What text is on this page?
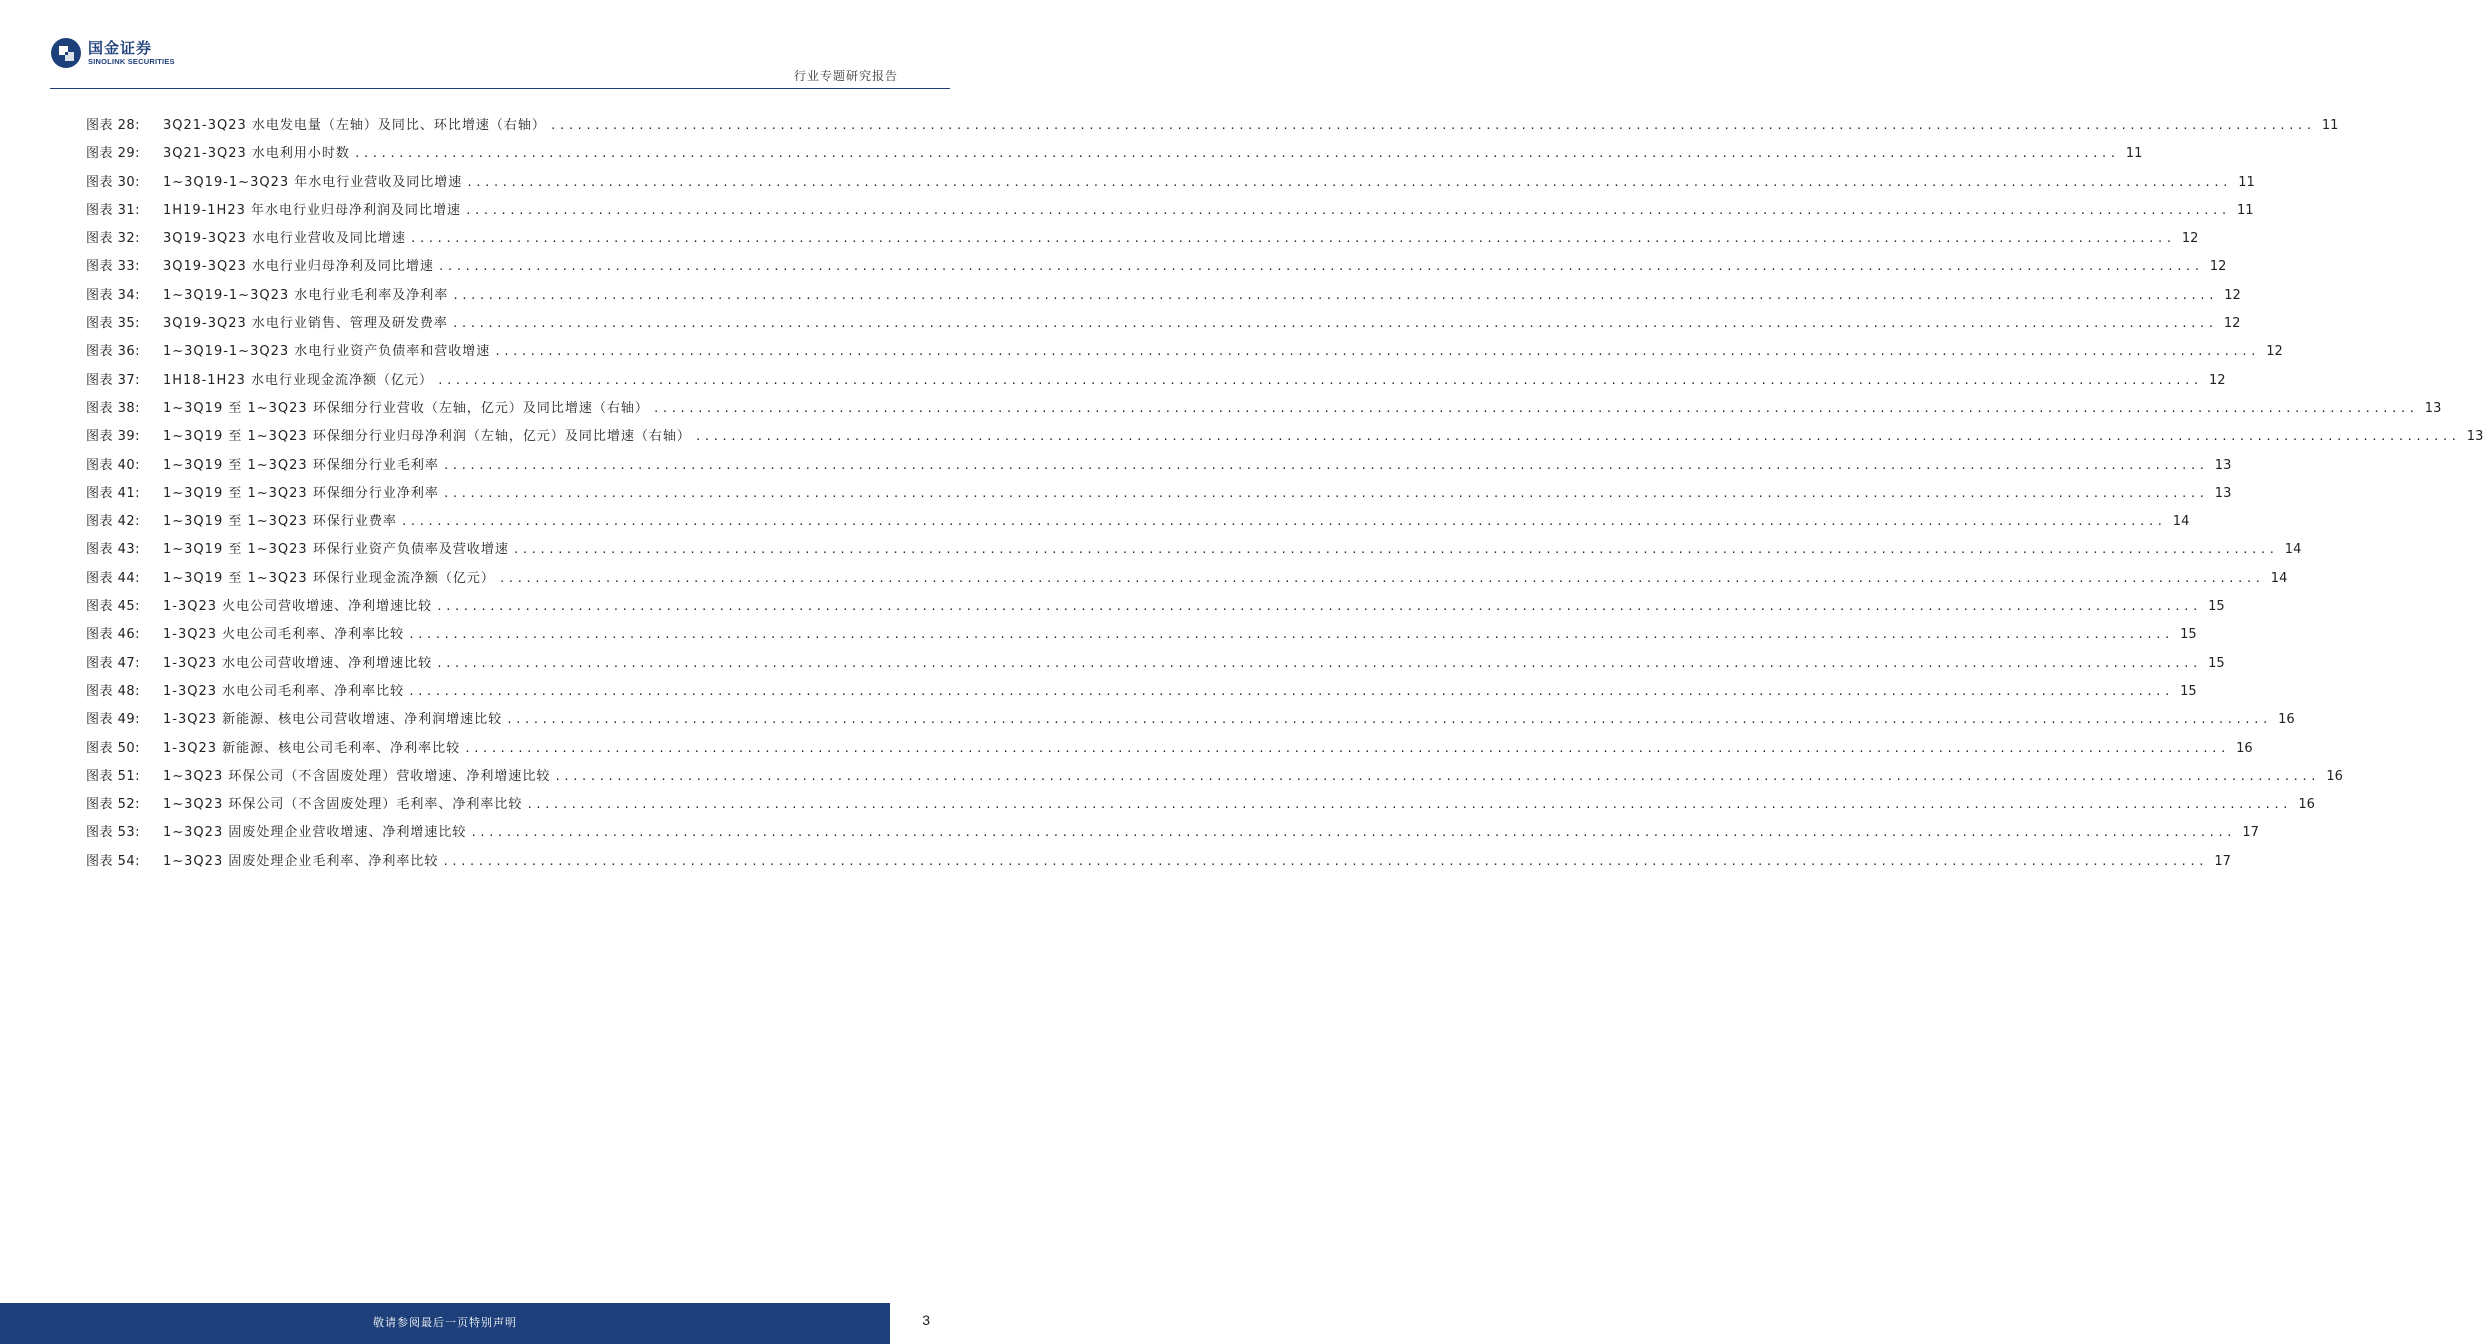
国金证券
SINOLINK SECURITIES
行业专题研究报告
图表 28:	3Q21-3Q23 水电发电量（左轴）及同比、环比增速（右轴） ........................................................................................................................................................................................................ 11
图表 29:	3Q21-3Q23 水电利用小时数 ........................................................................................................................................................................................................ 11
图表 30:	1~3Q19-1~3Q23 年水电行业营收及同比增速 ........................................................................................................................................................................................................ 11
图表 31:	1H19-1H23 年水电行业归母净利润及同比增速 ........................................................................................................................................................................................................ 11
图表 32:	3Q19-3Q23 水电行业营收及同比增速 ........................................................................................................................................................................................................ 12
图表 33:	3Q19-3Q23 水电行业归母净利及同比增速 ........................................................................................................................................................................................................ 12
图表 34:	1~3Q19-1~3Q23 水电行业毛利率及净利率 ........................................................................................................................................................................................................ 12
图表 35:	3Q19-3Q23 水电行业销售、管理及研发费率 ........................................................................................................................................................................................................ 12
图表 36:	1~3Q19-1~3Q23 水电行业资产负债率和营收增速 ........................................................................................................................................................................................................ 12
图表 37:	1H18-1H23 水电行业现金流净额（亿元） ........................................................................................................................................................................................................ 12
图表 38:	1~3Q19 至 1~3Q23 环保细分行业营收（左轴，亿元）及同比增速（右轴） ........................................................................................................................................................................................................ 13
图表 39:	1~3Q19 至 1~3Q23 环保细分行业归母净利润（左轴，亿元）及同比增速（右轴） ........................................................................................................................................................................................................ 13
图表 40:	1~3Q19 至 1~3Q23 环保细分行业毛利率 ........................................................................................................................................................................................................ 13
图表 41:	1~3Q19 至 1~3Q23 环保细分行业净利率 ........................................................................................................................................................................................................ 13
图表 42:	1~3Q19 至 1~3Q23 环保行业费率 ........................................................................................................................................................................................................ 14
图表 43:	1~3Q19 至 1~3Q23 环保行业资产负债率及营收增速 ........................................................................................................................................................................................................ 14
图表 44:	1~3Q19 至 1~3Q23 环保行业现金流净额（亿元） ........................................................................................................................................................................................................ 14
图表 45:	1-3Q23 火电公司营收增速、净利增速比较 ........................................................................................................................................................................................................ 15
图表 46:	1-3Q23 火电公司毛利率、净利率比较 ........................................................................................................................................................................................................ 15
图表 47:	1-3Q23 水电公司营收增速、净利增速比较 ........................................................................................................................................................................................................ 15
图表 48:	1-3Q23 水电公司毛利率、净利率比较 ........................................................................................................................................................................................................ 15
图表 49:	1-3Q23 新能源、核电公司营收增速、净利润增速比较 ........................................................................................................................................................................................................ 16
图表 50:	1-3Q23 新能源、核电公司毛利率、净利率比较 ........................................................................................................................................................................................................ 16
图表 51:	1~3Q23 环保公司（不含固废处理）营收增速、净利增速比较 ........................................................................................................................................................................................................ 16
图表 52:	1~3Q23 环保公司（不含固废处理）毛利率、净利率比较 ........................................................................................................................................................................................................ 16
图表 53:	1~3Q23 固废处理企业营收增速、净利增速比较 ........................................................................................................................................................................................................ 17
图表 54:	1~3Q23 固废处理企业毛利率、净利率比较 ........................................................................................................................................................................................................ 17
敬请参阅最后一页特别声明	3
